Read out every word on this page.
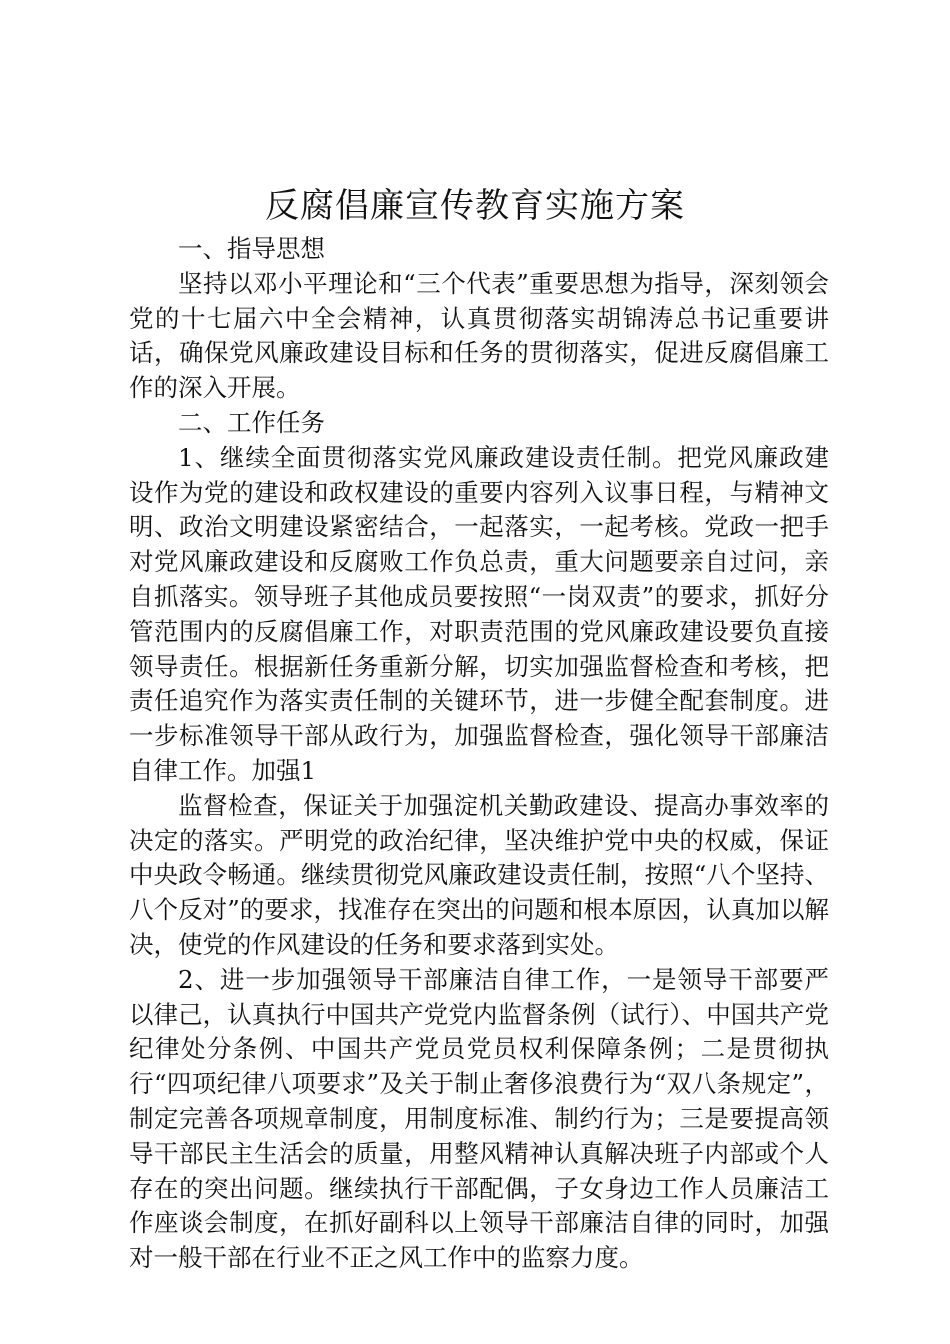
反腐倡廉宣传教育实施方案

一、指导思想

坚持以邓小平理论和“三个代表”重要思想为指导，深刻领会党的十七届六中全会精神，认真贯彻落实胡锦涛总书记重要讲话，确保党风廉政建设目标和任务的贯彻落实，促进反腐倡廉工作的深入开展。

二、工作任务

1、继续全面贯彻落实党风廉政建设责任制。把党风廉政建设作为党的建设和政权建设的重要内容列入议事日程，与精神文明、政治文明建设紧密结合，一起落实，一起考核。党政一把手对党风廉政建设和反腐败工作负总责，重大问题要亲自过问，亲自抓落实。领导班子其他成员要按照“一岗双责”的要求，抓好分管范围内的反腐倡廉工作，对职责范围的党风廉政建设要负直接领导责任。根据新任务重新分解，切实加强监督检查和考核，把责任追究作为落实责任制的关键环节，进一步健全配套制度。进一步标准领导干部从政行为，加强监督检查，强化领导干部廉洁自律工作。加强1

监督检查，保证关于加强淀机关勤政建设、提高办事效率的决定的落实。严明党的政治纪律，坚决维护党中央的权威，保证中央政令畅通。继续贯彻党风廉政建设责任制，按照“八个坚持、八个反对”的要求，找准存在突出的问题和根本原因，认真加以解决，使党的作风建设的任务和要求落到实处。

2、进一步加强领导干部廉洁自律工作，一是领导干部要严以律己，认真执行中国共产党党内监督条例（试行）、中国共产党纪律处分条例、中国共产党员党员权利保障条例；二是贯彻执行“四项纪律八项要求”及关于制止奢侈浪费行为“双八条规定”，制定完善各项规章制度，用制度标准、制约行为；三是要提高领导干部民主生活会的质量，用整风精神认真解决班子内部或个人存在的突出问题。继续执行干部配偶，子女身边工作人员廉洁工作座谈会制度，在抓好副科以上领导干部廉洁自律的同时，加强对一般干部在行业不正之风工作中的监察力度。
